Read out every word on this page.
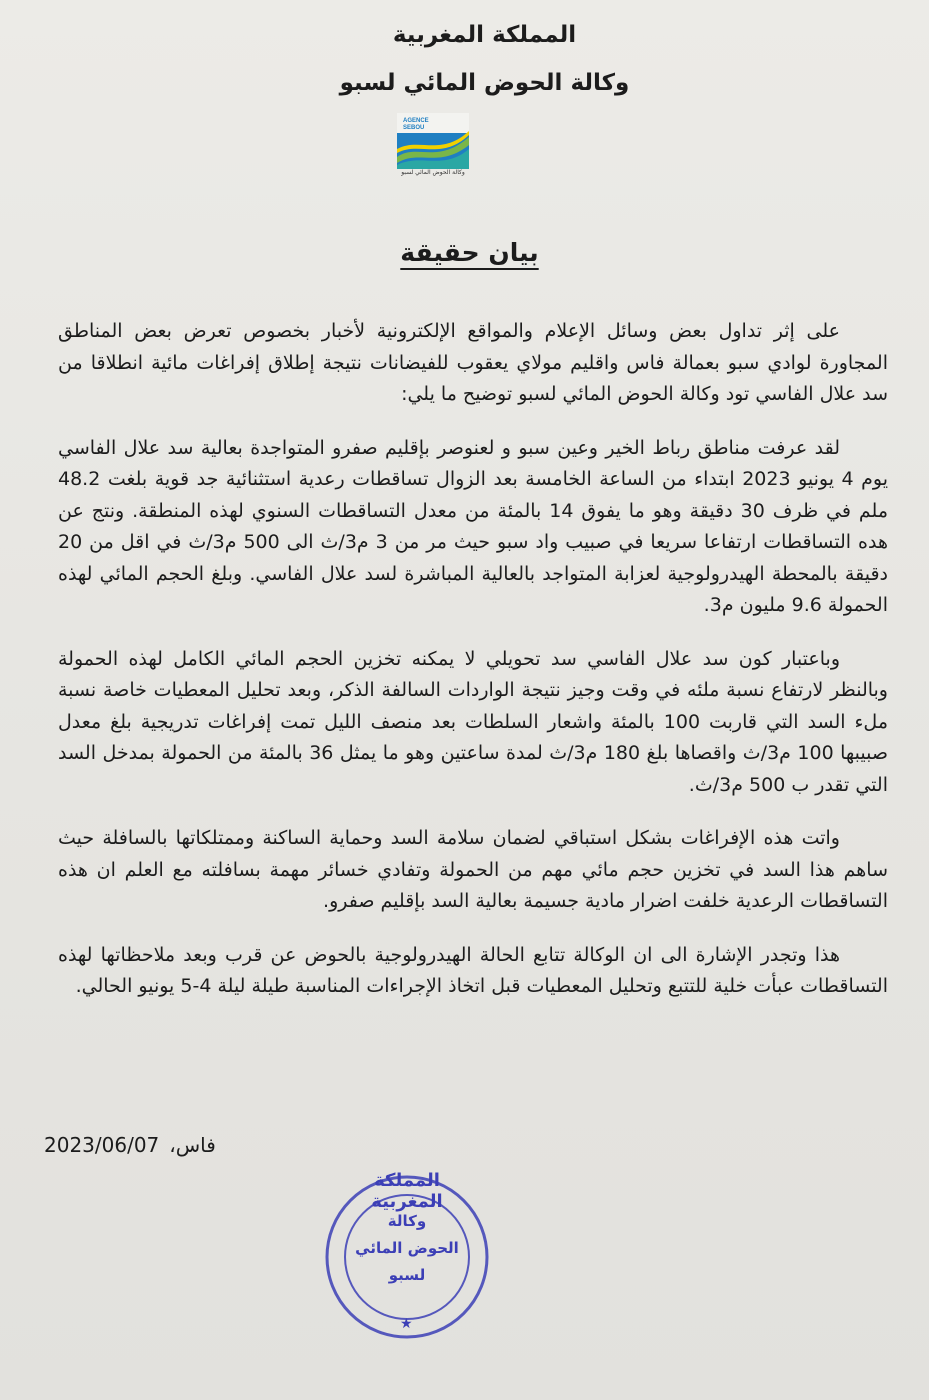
المملكة المغربية
وكالة الحوض المائي لسبو
AGENCE
SEBOU
وكالة الحوض المائي لسبو
بيان حقيقة

على إثر تداول بعض وسائل الإعلام والمواقع الإلكترونية لأخبار بخصوص تعرض بعض المناطق المجاورة لوادي سبو بعمالة فاس واقليم مولاي يعقوب للفيضانات نتيجة إطلاق إفراغات مائية انطلاقا من سد علال الفاسي تود وكالة الحوض المائي لسبو توضيح ما يلي:

لقد عرفت مناطق رباط الخير وعين سبو و لعنوصر بإقليم صفرو المتواجدة بعالية سد علال الفاسي يوم 4 يونيو 2023 ابتداء من الساعة الخامسة بعد الزوال تساقطات رعدية استثنائية جد قوية بلغت 48.2 ملم في ظرف 30 دقيقة وهو ما يفوق 14 بالمئة من معدل التساقطات السنوي لهذه المنطقة. ونتج عن هده التساقطات ارتفاعا سريعا في صبيب واد سبو حيث مر من 3 م3/ث الى 500 م3/ث في اقل من 20 دقيقة بالمحطة الهيدرولوجية لعزابة المتواجد بالعالية المباشرة لسد علال الفاسي. وبلغ الحجم المائي لهذه الحمولة 9.6 مليون م3.

وباعتبار كون سد علال الفاسي سد تحويلي لا يمكنه تخزين الحجم المائي الكامل لهذه الحمولة وبالنظر لارتفاع نسبة ملئه في وقت وجيز نتيجة الواردات السالفة الذكر، وبعد تحليل المعطيات خاصة نسبة ملء السد التي قاربت 100 بالمئة واشعار السلطات بعد منصف الليل تمت إفراغات تدريجية بلغ معدل صبيبها 100 م3/ث واقصاها بلغ 180 م3/ث لمدة ساعتين وهو ما يمثل 36 بالمئة من الحمولة بمدخل السد التي تقدر ب 500 م3/ث.

واتت هذه الإفراغات بشكل استباقي لضمان سلامة السد وحماية الساكنة وممتلكاتها بالسافلة حيث ساهم هذا السد في تخزين حجم مائي مهم من الحمولة وتفادي خسائر مهمة بسافلته مع العلم ان هذه التساقطات الرعدية خلفت اضرار مادية جسيمة بعالية السد بإقليم صفرو.

هذا وتجدر الإشارة الى ان الوكالة تتابع الحالة الهيدرولوجية بالحوض عن قرب وبعد ملاحظاتها لهذه التساقطات عبأت خلية للتتبع وتحليل المعطيات قبل اتخاذ الإجراءات المناسبة طيلة ليلة 4-5 يونيو الحالي.

2023/06/07 فاس،
المملكة المغربية
وكالة
الحوض المائي
لسبو
★
